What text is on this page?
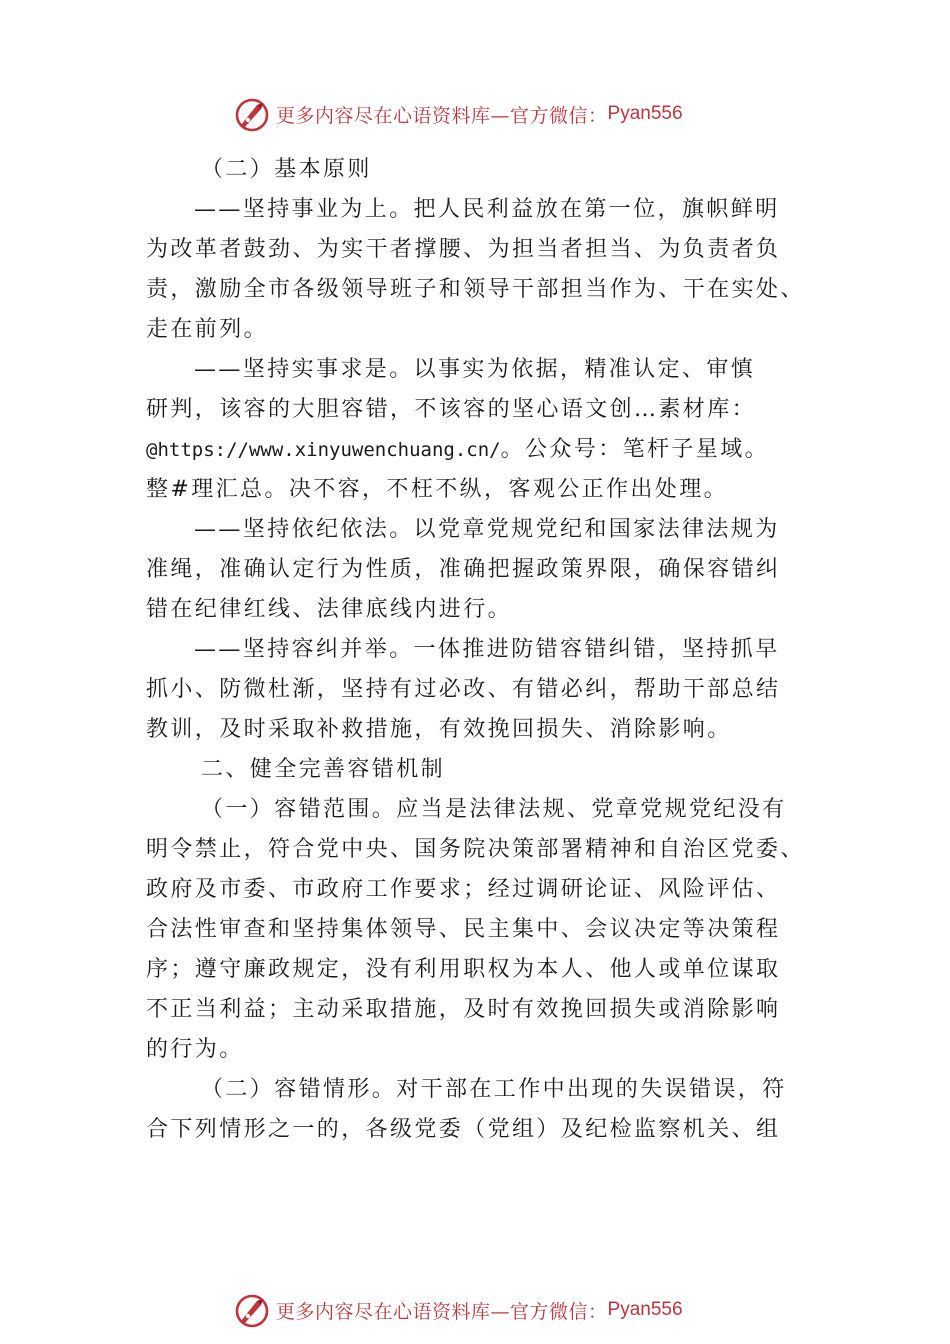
更多内容尽在心语资料库—官方微信： Pyan556
（二）基本原则
——坚持事业为上。把人民利益放在第一位，旗帜鲜明
为改革者鼓劲、为实干者撑腰、为担当者担当、为负责者负
责，激励全市各级领导班子和领导干部担当作为、干在实处、
走在前列。
——坚持实事求是。以事实为依据，精准认定、审慎
研判，该容的大胆容错，不该容的坚心语文创…素材库：
@https://www.xinyuwenchuang.cn/。公众号：笔杆子星域。
整#理汇总。决不容，不枉不纵，客观公正作出处理。
——坚持依纪依法。以党章党规党纪和国家法律法规为
准绳，准确认定行为性质，准确把握政策界限，确保容错纠
错在纪律红线、法律底线内进行。
——坚持容纠并举。一体推进防错容错纠错，坚持抓早
抓小、防微杜渐，坚持有过必改、有错必纠，帮助干部总结
教训，及时采取补救措施，有效挽回损失、消除影响。
二、健全完善容错机制
（一）容错范围。应当是法律法规、党章党规党纪没有
明令禁止，符合党中央、国务院决策部署精神和自治区党委、
政府及市委、市政府工作要求；经过调研论证、风险评估、
合法性审查和坚持集体领导、民主集中、会议决定等决策程
序；遵守廉政规定，没有利用职权为本人、他人或单位谋取
不正当利益；主动采取措施，及时有效挽回损失或消除影响
的行为。
（二）容错情形。对干部在工作中出现的失误错误，符
合下列情形之一的，各级党委（党组）及纪检监察机关、组
更多内容尽在心语资料库—官方微信： Pyan556
